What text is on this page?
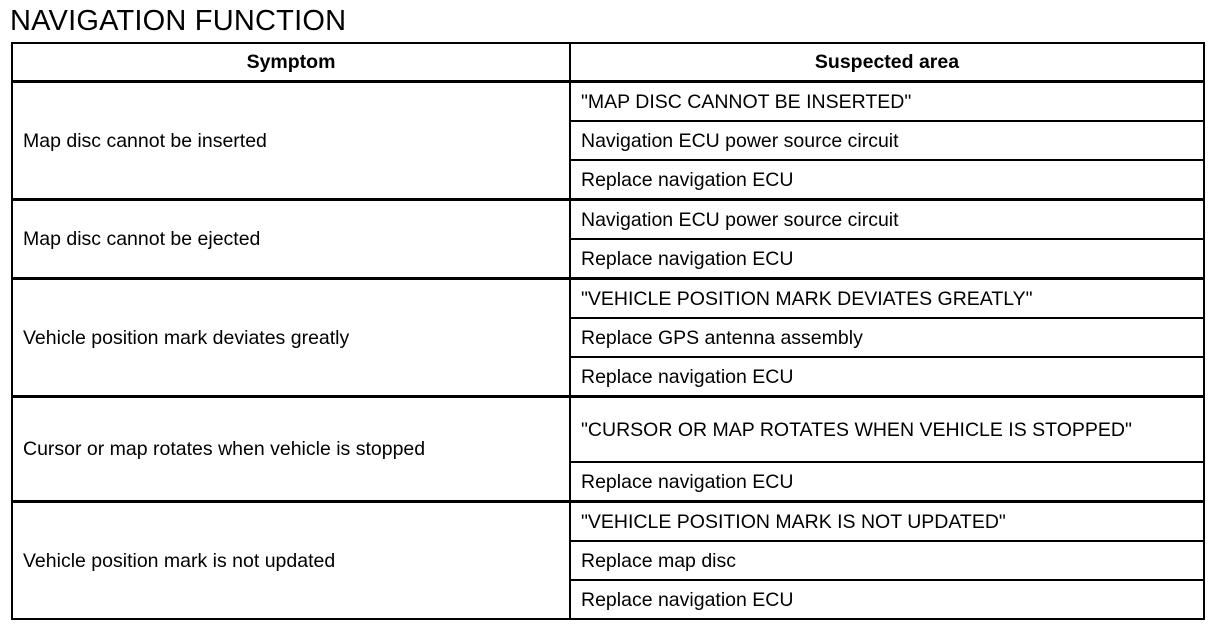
NAVIGATION FUNCTION
Symptom	Suspected area
Map disc cannot be inserted	"MAP DISC CANNOT BE INSERTED"
	Navigation ECU power source circuit
	Replace navigation ECU
Map disc cannot be ejected	Navigation ECU power source circuit
	Replace navigation ECU
Vehicle position mark deviates greatly	"VEHICLE POSITION MARK DEVIATES GREATLY"
	Replace GPS antenna assembly
	Replace navigation ECU
Cursor or map rotates when vehicle is stopped	"CURSOR OR MAP ROTATES WHEN VEHICLE IS STOPPED"
	Replace navigation ECU
Vehicle position mark is not updated	"VEHICLE POSITION MARK IS NOT UPDATED"
	Replace map disc
	Replace navigation ECU
